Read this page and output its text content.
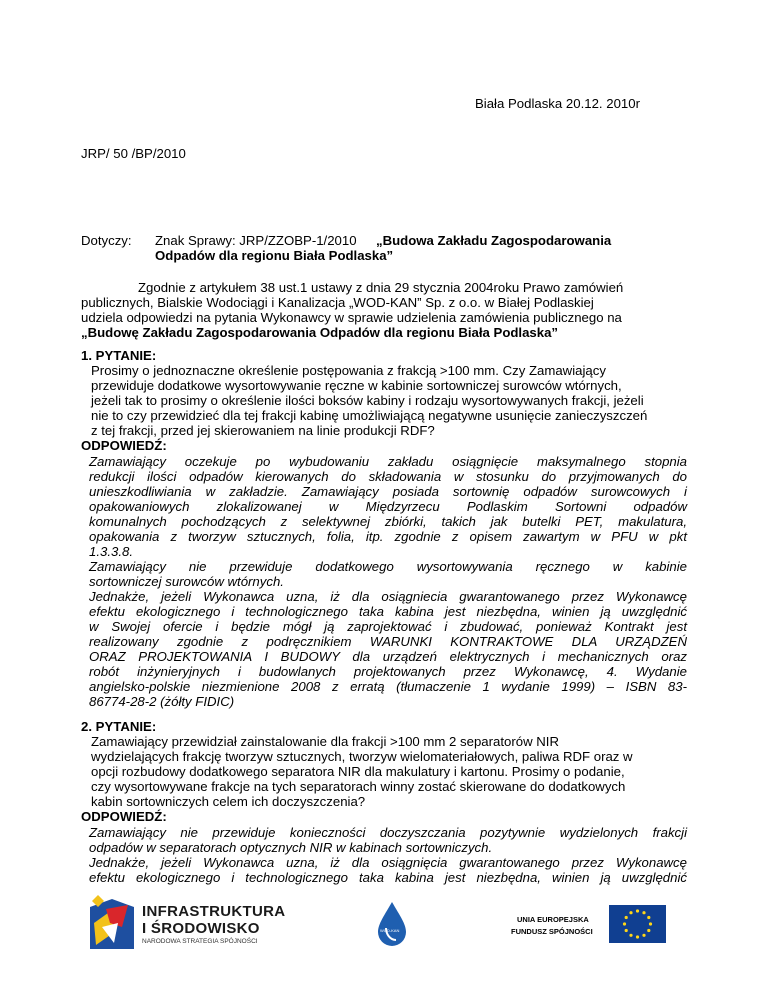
Biała Podlaska 20.12. 2010r
JRP/ 50 /BP/2010
Dotyczy: Znak Sprawy: JRP/ZZOBP-1/2010 „Budowa Zakładu Zagospodarowania
Odpadów dla regionu Biała Podlaska”
Zgodnie z artykułem 38 ust.1 ustawy z dnia 29 stycznia 2004roku Prawo zamówień
publicznych, Bialskie Wodociągi i Kanalizacja „WOD-KAN” Sp. z o.o. w Białej Podlaskiej
udziela odpowiedzi na pytania Wykonawcy w sprawie udzielenia zamówienia publicznego na
„Budowę Zakładu Zagospodarowania Odpadów dla regionu Biała Podlaska”
1. PYTANIE:
Prosimy o jednoznaczne określenie postępowania z frakcją >100 mm. Czy Zamawiający
przewiduje dodatkowe wysortowywanie ręczne w kabinie sortowniczej surowców wtórnych,
jeżeli tak to prosimy o określenie ilości boksów kabiny i rodzaju wysortowywanych frakcji, jeżeli
nie to czy przewidzieć dla tej frakcji kabinę umożliwiającą negatywne usunięcie zanieczyszczeń
z tej frakcji, przed jej skierowaniem na linie produkcji RDF?
ODPOWIEDŹ:
Zamawiający oczekuje po wybudowaniu zakładu osiągnięcie maksymalnego stopnia
redukcji ilości odpadów kierowanych do składowania w stosunku do przyjmowanych do
unieszkodliwiania w zakładzie. Zamawiający posiada sortownię odpadów surowcowych i
opakowaniowych zlokalizowanej w Międzyrzecu Podlaskim Sortowni odpadów
komunalnych pochodzących z selektywnej zbiórki, takich jak butelki PET, makulatura,
opakowania z tworzyw sztucznych, folia, itp. zgodnie z opisem zawartym w PFU w pkt
1.3.3.8.
Zamawiający nie przewiduje dodatkowego wysortowywania ręcznego w kabinie
sortowniczej surowców wtórnych.
Jednakże, jeżeli Wykonawca uzna, iż dla osiągniecia gwarantowanego przez Wykonawcę
efektu ekologicznego i technologicznego taka kabina jest niezbędna, winien ją uwzględnić
w Swojej ofercie i będzie mógł ją zaprojektować i zbudować, ponieważ Kontrakt jest
realizowany zgodnie z podręcznikiem WARUNKI KONTRAKTOWE DLA URZĄDZEŃ
ORAZ PROJEKTOWANIA I BUDOWY dla urządzeń elektrycznych i mechanicznych oraz
robót inżynieryjnych i budowlanych projektowanych przez Wykonawcę, 4. Wydanie
angielsko-polskie niezmienione 2008 z erratą (tłumaczenie 1 wydanie 1999) – ISBN 83-
86774-28-2 (żółty FIDIC)
2. PYTANIE:
Zamawiający przewidział zainstalowanie dla frakcji >100 mm 2 separatorów NIR
wydzielających frakcję tworzyw sztucznych, tworzyw wielomateriałowych, paliwa RDF oraz w
opcji rozbudowy dodatkowego separatora NIR dla makulatury i kartonu. Prosimy o podanie,
czy wysortowywane frakcje na tych separatorach winny zostać skierowane do dodatkowych
kabin sortowniczych celem ich doczyszczenia?
ODPOWIEDŹ:
Zamawiający nie przewiduje konieczności doczyszczania pozytywnie wydzielonych frakcji
odpadów w separatorach optycznych NIR w kabinach sortowniczych.
Jednakże, jeżeli Wykonawca uzna, iż dla osiągnięcia gwarantowanego przez Wykonawcę
efektu ekologicznego i technologicznego taka kabina jest niezbędna, winien ją uwzględnić
INFRASTRUKTURA
I ŚRODOWISKO
NARODOWA STRATEGIA SPÓJNOŚCI
WOD-KAN
UNIA EUROPEJSKA
FUNDUSZ SPÓJNOŚCI
